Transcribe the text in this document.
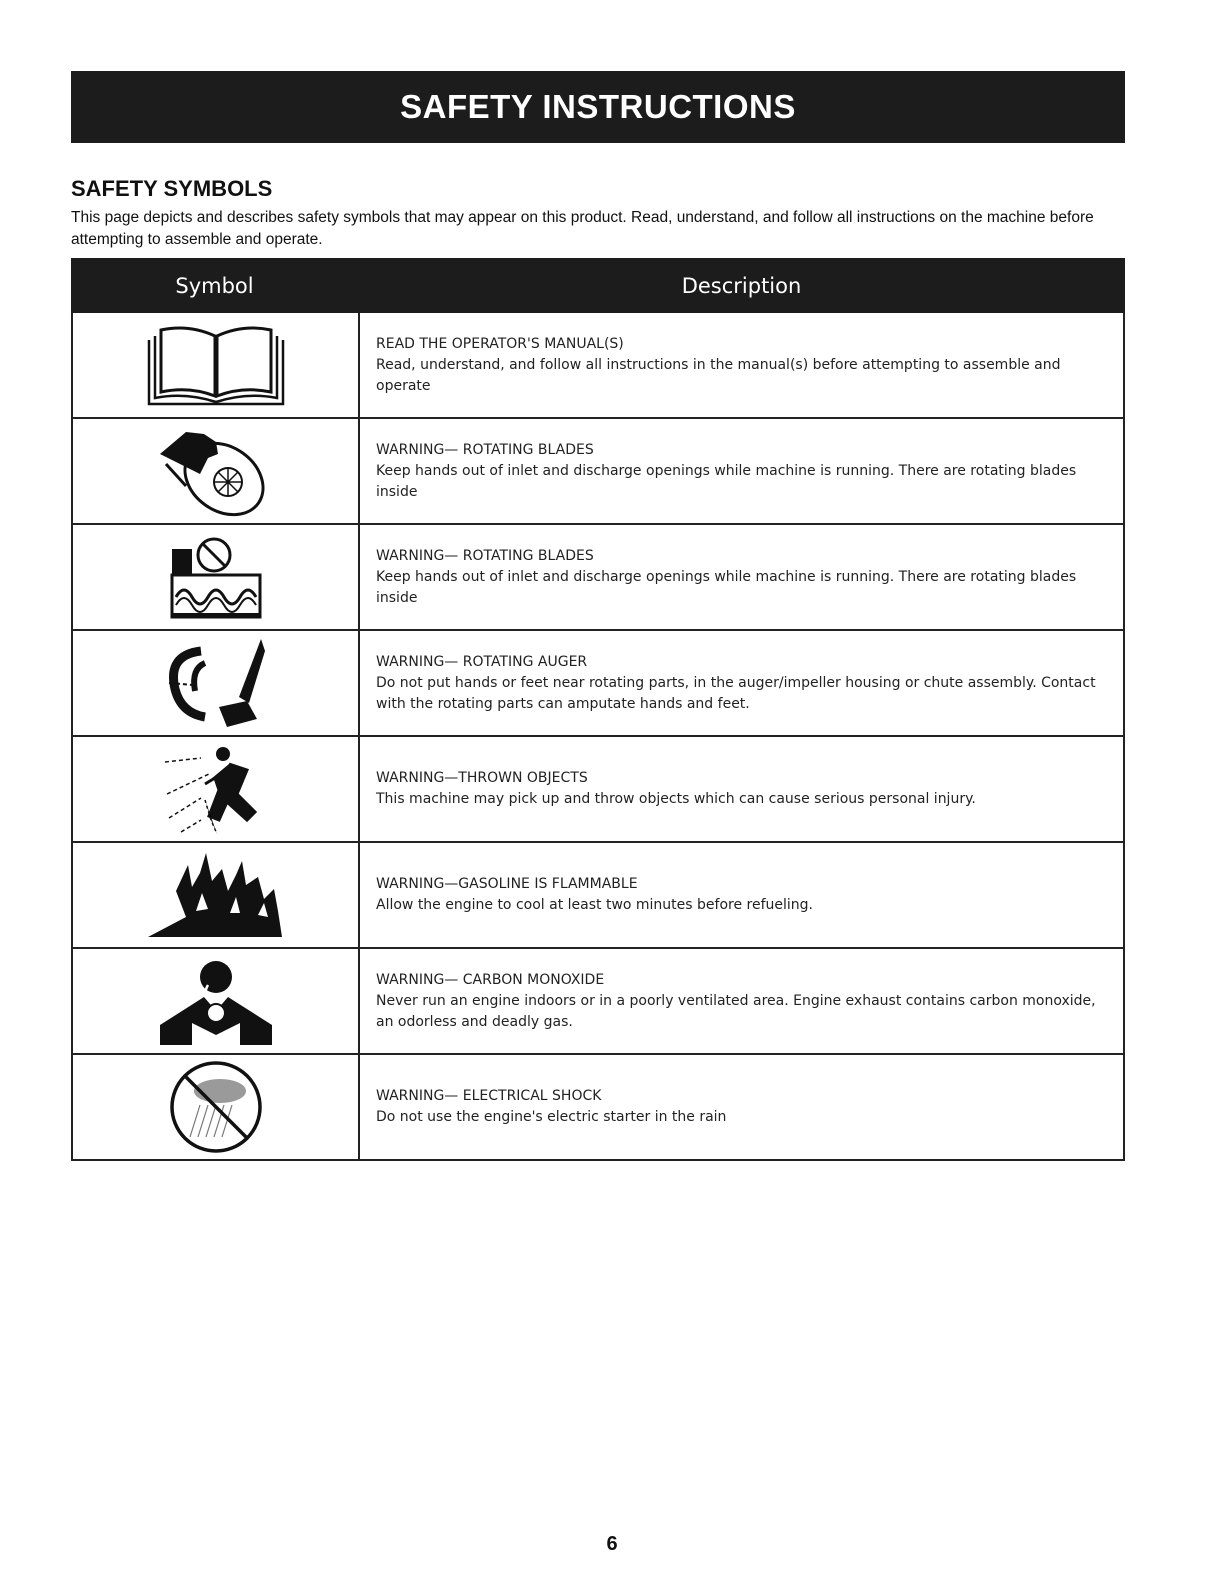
SAFETY INSTRUCTIONS
SAFETY SYMBOLS
This page depicts and describes safety symbols that may appear on this product. Read, understand, and follow all instructions on the machine before attempting to assemble and operate.
Symbol	Description
READ THE OPERATOR'S MANUAL(S)
Read, understand, and follow all instructions in the manual(s) before attempting to assemble and operate
WARNING— ROTATING BLADES
Keep hands out of inlet and discharge openings while machine is running. There are rotating blades inside
WARNING— ROTATING BLADES
Keep hands out of inlet and discharge openings while machine is running. There are rotating blades inside
WARNING— ROTATING AUGER
Do not put hands or feet near rotating parts, in the auger/impeller housing or chute assembly. Contact with the rotating parts can amputate hands and feet.
WARNING—THROWN OBJECTS
This machine may pick up and throw objects which can cause serious personal injury.
WARNING—GASOLINE IS FLAMMABLE
Allow the engine to cool at least two minutes before refueling.
WARNING— CARBON MONOXIDE
Never run an engine indoors or in a poorly ventilated area. Engine exhaust contains carbon monoxide, an odorless and deadly gas.
WARNING— ELECTRICAL SHOCK
Do not use the engine's electric starter in the rain
6
